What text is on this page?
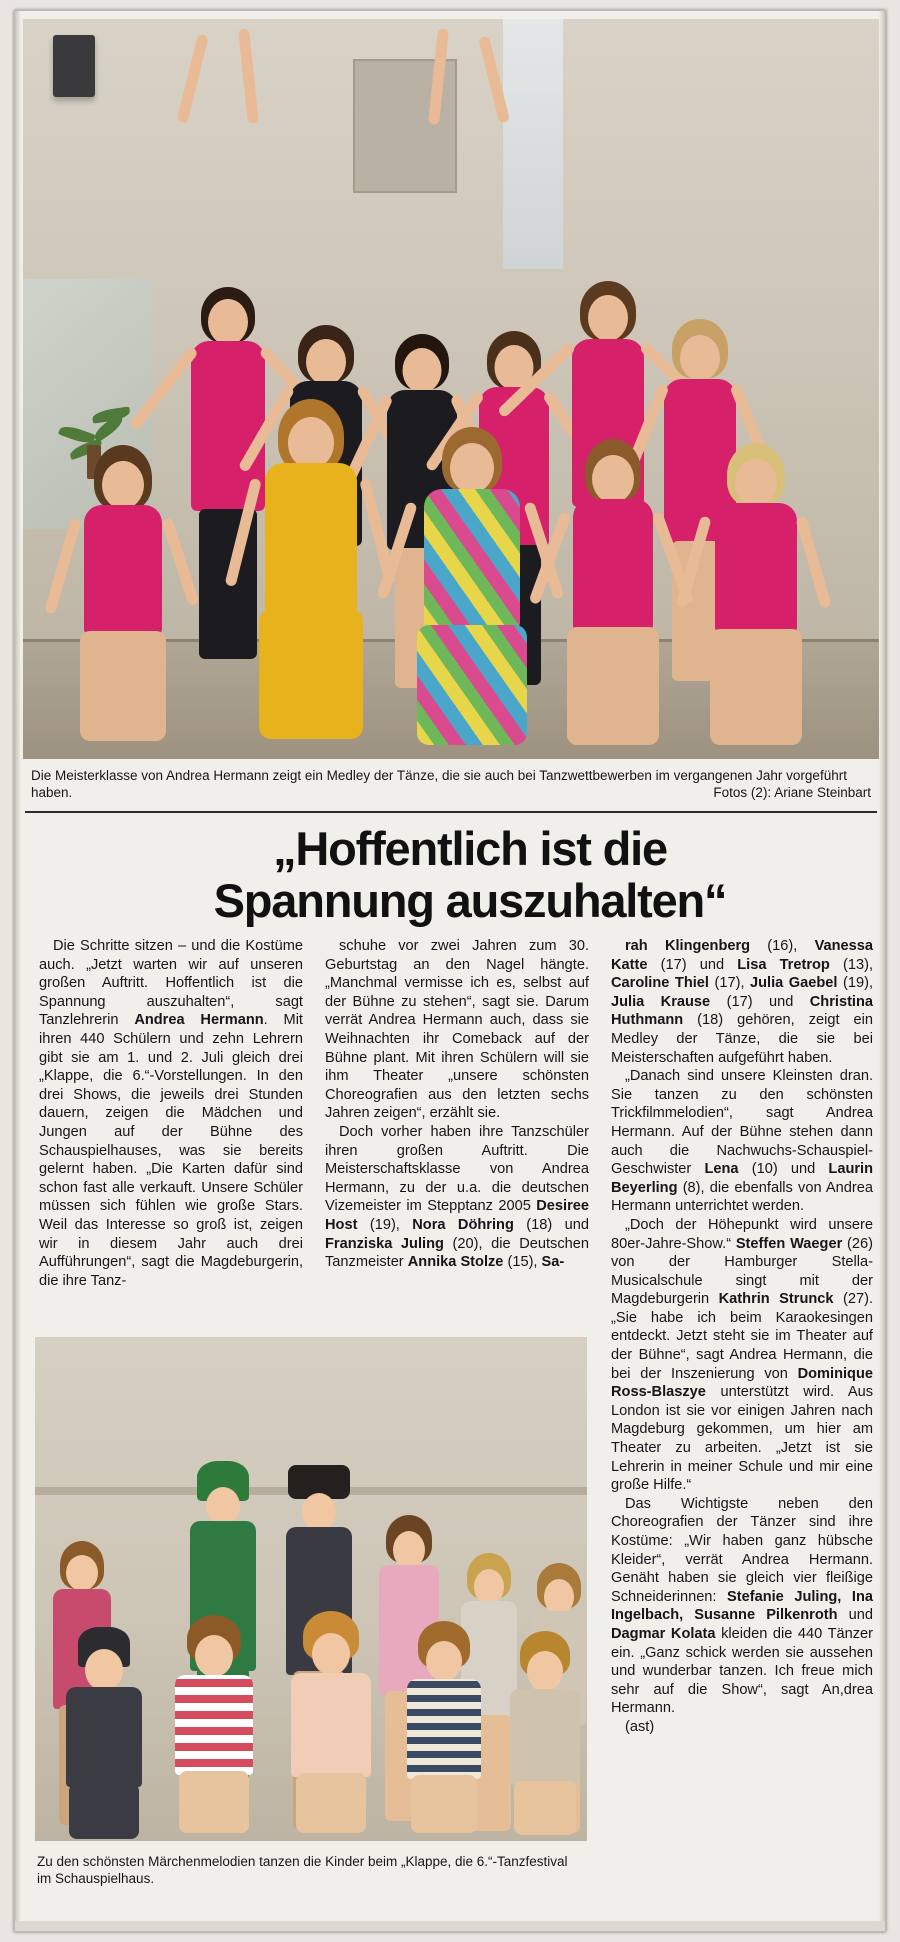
Die Meisterklasse von Andrea Hermann zeigt ein Medley der Tänze, die sie auch bei Tanzwettbewerben im vergangenen Jahr vorgeführt haben.	Fotos (2): Ariane Steinbart
„Hoffentlich ist die
Spannung auszuhalten“

Die Schritte sitzen – und die Kostüme auch. „Jetzt warten wir auf unseren großen Auftritt. Hoffentlich ist die Spannung auszuhalten“, sagt Tanzlehrerin Andrea Hermann. Mit ihren 440 Schülern und zehn Lehrern gibt sie am 1. und 2. Juli gleich drei „Klappe, die 6.“-Vorstellungen. In den drei Shows, die jeweils drei Stunden dauern, zeigen die Mädchen und Jungen auf der Bühne des Schauspielhauses, was sie bereits gelernt haben. „Die Karten dafür sind schon fast alle verkauft. Unsere Schüler müssen sich fühlen wie große Stars. Weil das Interesse so groß ist, zeigen wir in diesem Jahr auch drei Aufführungen“, sagt die Magdeburgerin, die ihre Tanz-

schuhe vor zwei Jahren zum 30. Geburtstag an den Nagel hängte. „Manchmal vermisse ich es, selbst auf der Bühne zu stehen“, sagt sie. Darum verrät Andrea Hermann auch, dass sie Weihnachten ihr Comeback auf der Bühne plant. Mit ihren Schülern will sie ihm Theater „unsere schönsten Choreografien aus den letzten sechs Jahren zeigen“, erzählt sie.

Doch vorher haben ihre Tanzschüler ihren großen Auftritt. Die Meisterschaftsklasse von Andrea Hermann, zu der u.a. die deutschen Vizemeister im Stepptanz 2005 Desiree Host (19), Nora Döhring (18) und Franziska Juling (20), die Deutschen Tanzmeister Annika Stolze (15), Sa-

rah Klingenberg (16), Vanessa Katte (17) und Lisa Tretrop (13), Caroline Thiel (17), Julia Gaebel (19), Julia Krause (17) und Christina Huthmann (18) gehören, zeigt ein Medley der Tänze, die sie bei Meisterschaften aufgeführt haben.

„Danach sind unsere Kleinsten dran. Sie tanzen zu den schönsten Trickfilmmelodien“, sagt Andrea Hermann. Auf der Bühne stehen dann auch die Nachwuchs-Schauspiel-Geschwister Lena (10) und Laurin Beyerling (8), die ebenfalls von Andrea Hermann unterrichtet werden.

„Doch der Höhepunkt wird unsere 80er-Jahre-Show.“ Steffen Waeger (26) von der Hamburger Stella-Musicalschule singt mit der Magdeburgerin Kathrin Strunck (27). „Sie habe ich beim Karaokesingen entdeckt. Jetzt steht sie im Theater auf der Bühne“, sagt Andrea Hermann, die bei der Inszenierung von Dominique Ross-Blaszye unterstützt wird. Aus London ist sie vor einigen Jahren nach Magdeburg gekommen, um hier am Theater zu arbeiten. „Jetzt ist sie Lehrerin in meiner Schule und mir eine große Hilfe.“

Das Wichtigste neben den Choreografien der Tänzer sind ihre Kostüme: „Wir haben ganz hübsche Kleider“, verrät Andrea Hermann. Genäht haben sie gleich vier fleißige Schneiderinnen: Stefanie Juling, Ina Ingelbach, Susanne Pilkenroth und Dagmar Kolata kleiden die 440 Tänzer ein. „Ganz schick werden sie aussehen und wunderbar tanzen. Ich freue mich sehr auf die Show“, sagt An,drea Hermann.

(ast)

Zu den schönsten Märchenmelodien tanzen die Kinder beim „Klappe, die 6.“-Tanzfestival im Schauspielhaus.
